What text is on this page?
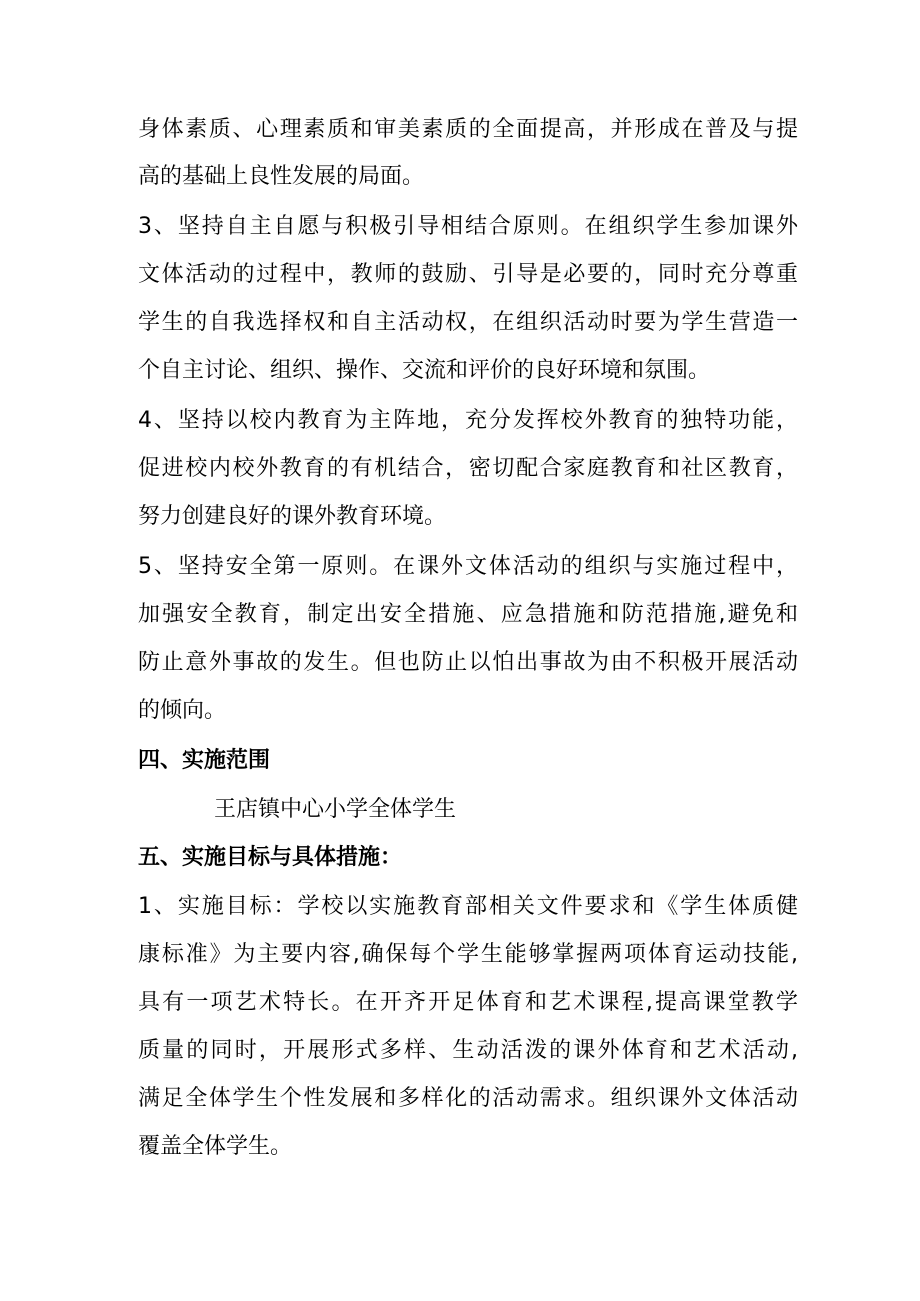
身体素质、心理素质和审美素质的全面提高，并形成在普及与提
高的基础上良性发展的局面。
3、坚持自主自愿与积极引导相结合原则。在组织学生参加课外
文体活动的过程中，教师的鼓励、引导是必要的，同时充分尊重
学生的自我选择权和自主活动权，在组织活动时要为学生营造一
个自主讨论、组织、操作、交流和评价的良好环境和氛围。
4、坚持以校内教育为主阵地，充分发挥校外教育的独特功能，
促进校内校外教育的有机结合，密切配合家庭教育和社区教育，
努力创建良好的课外教育环境。
5、坚持安全第一原则。在课外文体活动的组织与实施过程中，
加强安全教育，制定出安全措施、应急措施和防范措施,避免和
防止意外事故的发生。但也防止以怕出事故为由不积极开展活动
的倾向。
四、实施范围
王店镇中心小学全体学生
五、实施目标与具体措施：
1、实施目标：学校以实施教育部相关文件要求和《学生体质健
康标准》为主要内容,确保每个学生能够掌握两项体育运动技能,
具有一项艺术特长。在开齐开足体育和艺术课程,提高课堂教学
质量的同时，开展形式多样、生动活泼的课外体育和艺术活动,
满足全体学生个性发展和多样化的活动需求。组织课外文体活动
覆盖全体学生。
